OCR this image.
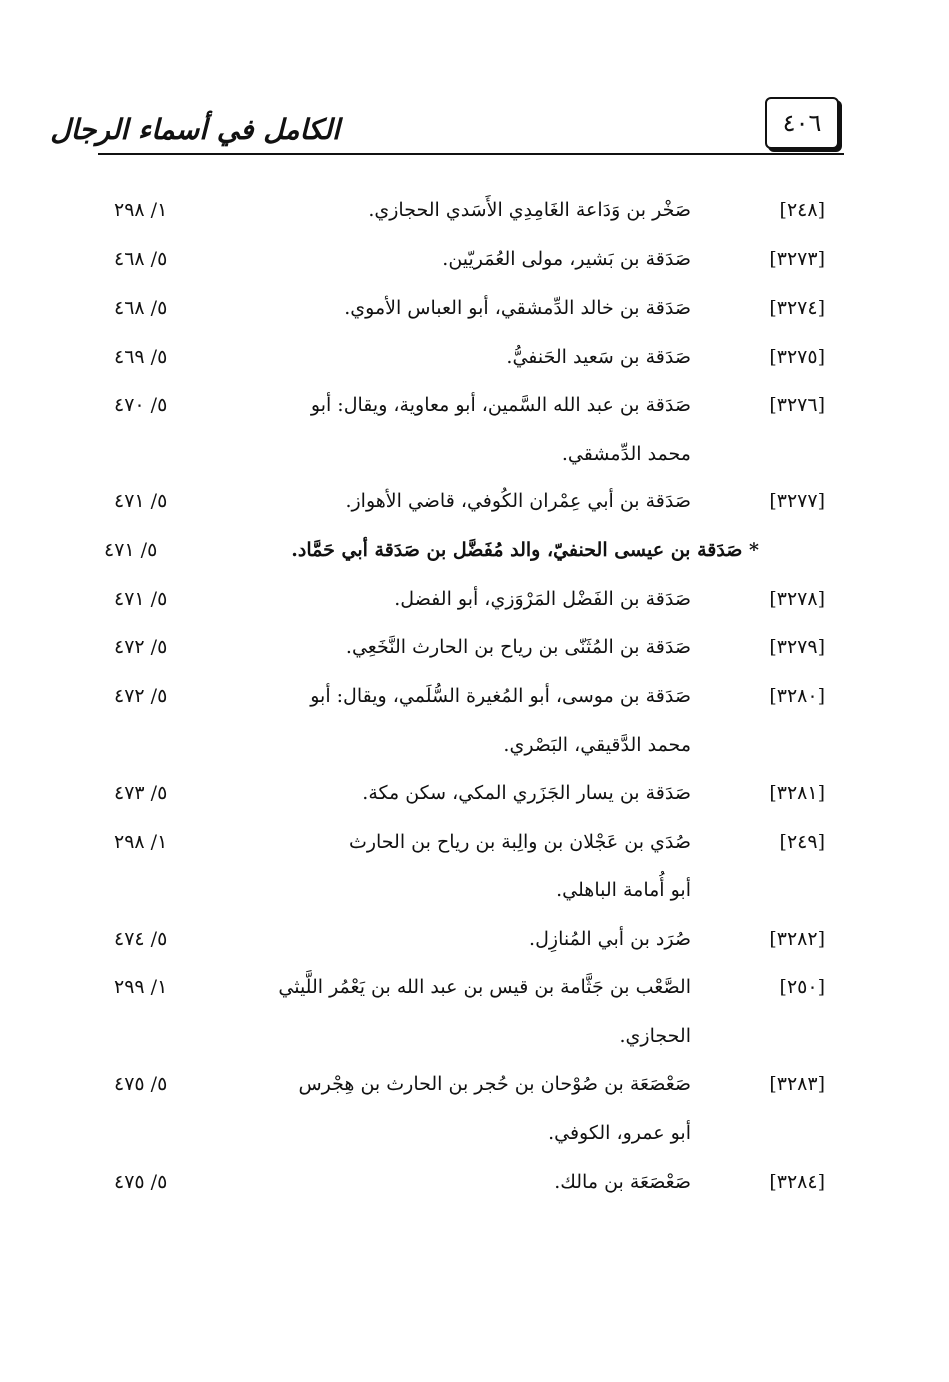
٤٠٦
الكامل في أسماء الرجال
[٢٤٨]
صَخْر بن وَدَاعة الغَامِدِي الأَسَدي الحجازي.
١/ ٢٩٨
[٣٢٧٣]
صَدَقة بن بَشير، مولى العُمَريّين.
٥/ ٤٦٨
[٣٢٧٤]
صَدَقة بن خالد الدِّمشقي، أبو العباس الأموي.
٥/ ٤٦٨
[٣٢٧٥]
صَدَقة بن سَعيد الحَنفيُّ.
٥/ ٤٦٩
[٣٢٧٦]
صَدَقة بن عبد الله السَّمين، أبو معاوية، ويقال: أبو
٥/ ٤٧٠
محمد الدِّمشقي.
[٣٢٧٧]
صَدَقة بن أبي عِمْران الكُوفي، قاضي الأهواز.
٥/ ٤٧١
* صَدَقة بن عيسى الحنفيّ، والد مُفَضَّل بن صَدَقة أبي حَمَّاد.
٥/ ٤٧١
[٣٢٧٨]
صَدَقة بن الفَضْل المَرْوَزي، أبو الفضل.
٥/ ٤٧١
[٣٢٧٩]
صَدَقة بن المُثَنّى بن رياح بن الحارث النَّخَعِي.
٥/ ٤٧٢
[٣٢٨٠]
صَدَقة بن موسى، أبو المُغيرة السُّلَمي، ويقال: أبو
٥/ ٤٧٢
محمد الدَّقيقي، البَصْري.
[٣٢٨١]
صَدَقة بن يسار الجَزَري المكي، سكن مكة.
٥/ ٤٧٣
[٢٤٩]
صُدَي بن عَجْلان بن والِبة بن رياح بن الحارث
١/ ٢٩٨
أبو أُمامة الباهلي.
[٣٢٨٢]
صُرَد بن أبي المُنازِل.
٥/ ٤٧٤
[٢٥٠]
الصَّعْب بن جَثَّامة بن قيس بن عبد الله بن يَعْمُر اللَّيثي
١/ ٢٩٩
الحجازي.
[٣٢٨٣]
صَعْصَعَة بن صُوْحان بن حُجر بن الحارث بن هِجْرس
٥/ ٤٧٥
أبو عمرو، الكوفي.
[٣٢٨٤]
صَعْصَعَة بن مالك.
٥/ ٤٧٥
